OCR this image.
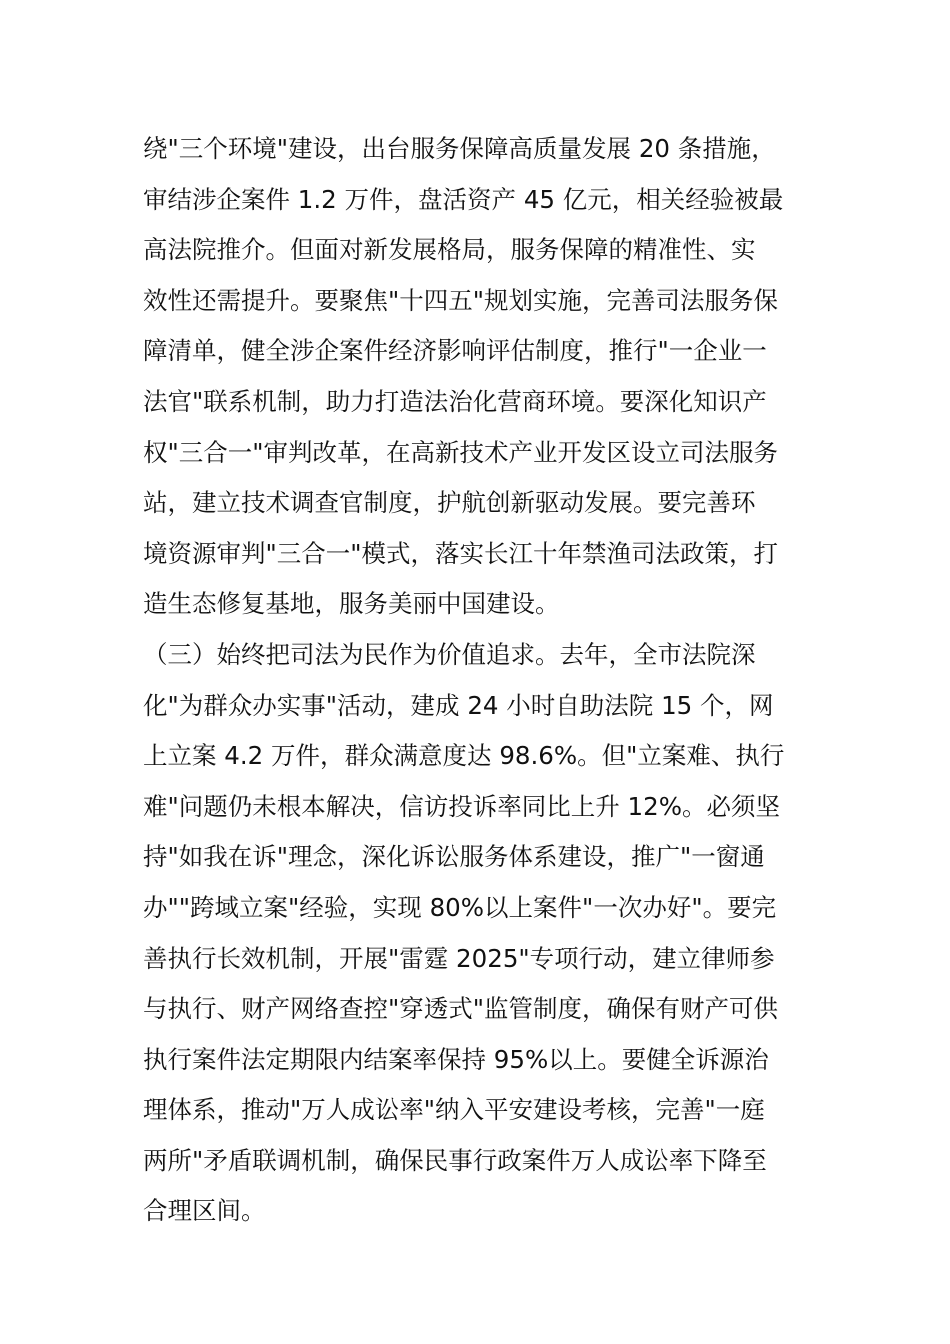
绕"三个环境"建设，出台服务保障高质量发展 20 条措施，
审结涉企案件 1.2 万件，盘活资产 45 亿元，相关经验被最
高法院推介。但面对新发展格局，服务保障的精准性、实
效性还需提升。要聚焦"十四五"规划实施，完善司法服务保
障清单，健全涉企案件经济影响评估制度，推行"一企业一
法官"联系机制，助力打造法治化营商环境。要深化知识产
权"三合一"审判改革，在高新技术产业开发区设立司法服务
站，建立技术调查官制度，护航创新驱动发展。要完善环
境资源审判"三合一"模式，落实长江十年禁渔司法政策，打
造生态修复基地，服务美丽中国建设。
（三）始终把司法为民作为价值追求。去年，全市法院深
化"为群众办实事"活动，建成 24 小时自助法院 15 个，网
上立案 4.2 万件，群众满意度达 98.6%。但"立案难、执行
难"问题仍未根本解决，信访投诉率同比上升 12%。必须坚
持"如我在诉"理念，深化诉讼服务体系建设，推广"一窗通
办""跨域立案"经验，实现 80%以上案件"一次办好"。要完
善执行长效机制，开展"雷霆 2025"专项行动，建立律师参
与执行、财产网络查控"穿透式"监管制度，确保有财产可供
执行案件法定期限内结案率保持 95%以上。要健全诉源治
理体系，推动"万人成讼率"纳入平安建设考核，完善"一庭
两所"矛盾联调机制，确保民事行政案件万人成讼率下降至
合理区间。
